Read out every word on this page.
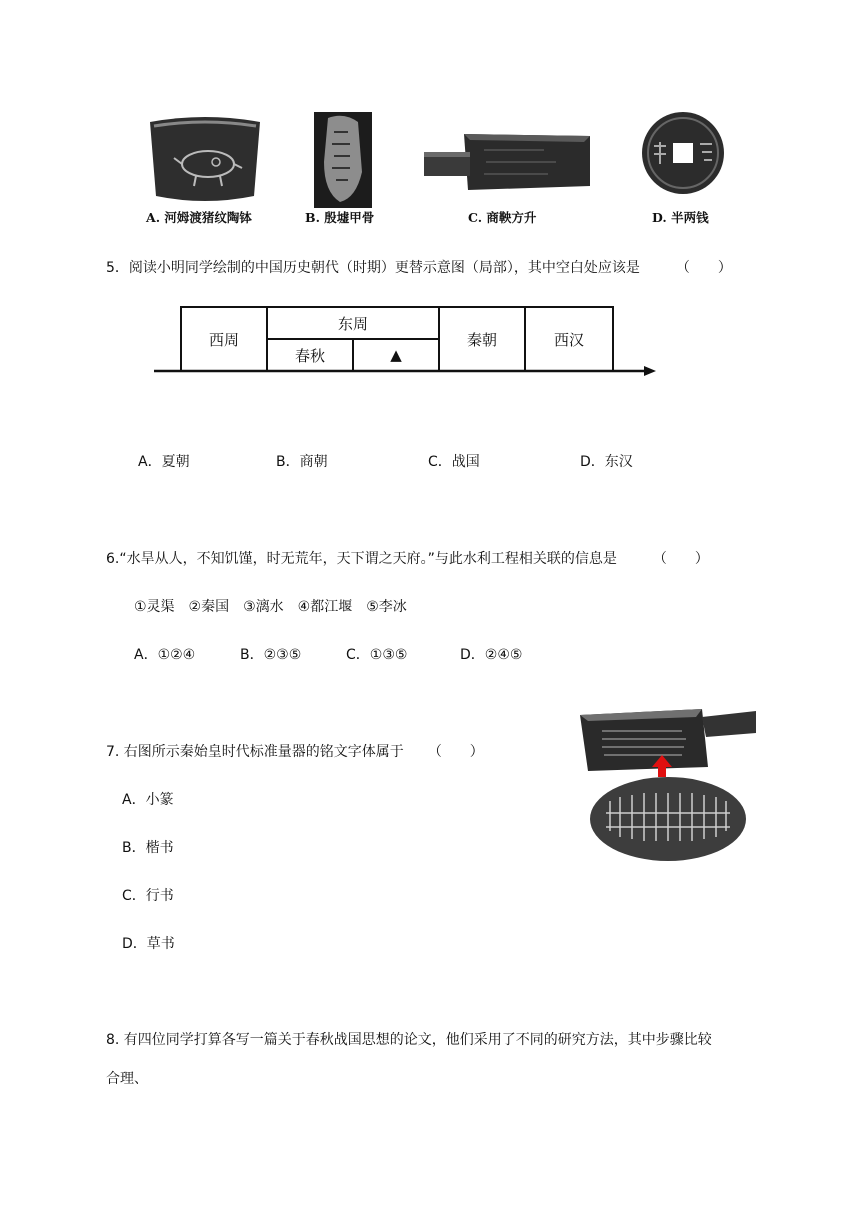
A. 河姆渡猪纹陶钵	B. 殷墟甲骨	C. 商鞅方升	D. 半两钱
5．阅读小明同学绘制的中国历史朝代（时期）更替示意图（局部），其中空白处应该是	（　　）
西周
东周
春秋	▲
秦朝	西汉
A．夏朝	B．商朝	C．战国	D．东汉
6.“水旱从人，不知饥馑，时无荒年，天下谓之天府。”与此水利工程相关联的信息是	（　　）
①灵渠　②秦国　③漓水　④都江堰　⑤李冰
A．①②④	B．②③⑤	C．①③⑤	D．②④⑤
7. 右图所示秦始皇时代标准量器的铭文字体属于 （　　）
A．小篆
B．楷书
C．行书
D．草书
8. 有四位同学打算各写一篇关于春秋战国思想的论文，他们采用了不同的研究方法，其中步骤比较
合理、
